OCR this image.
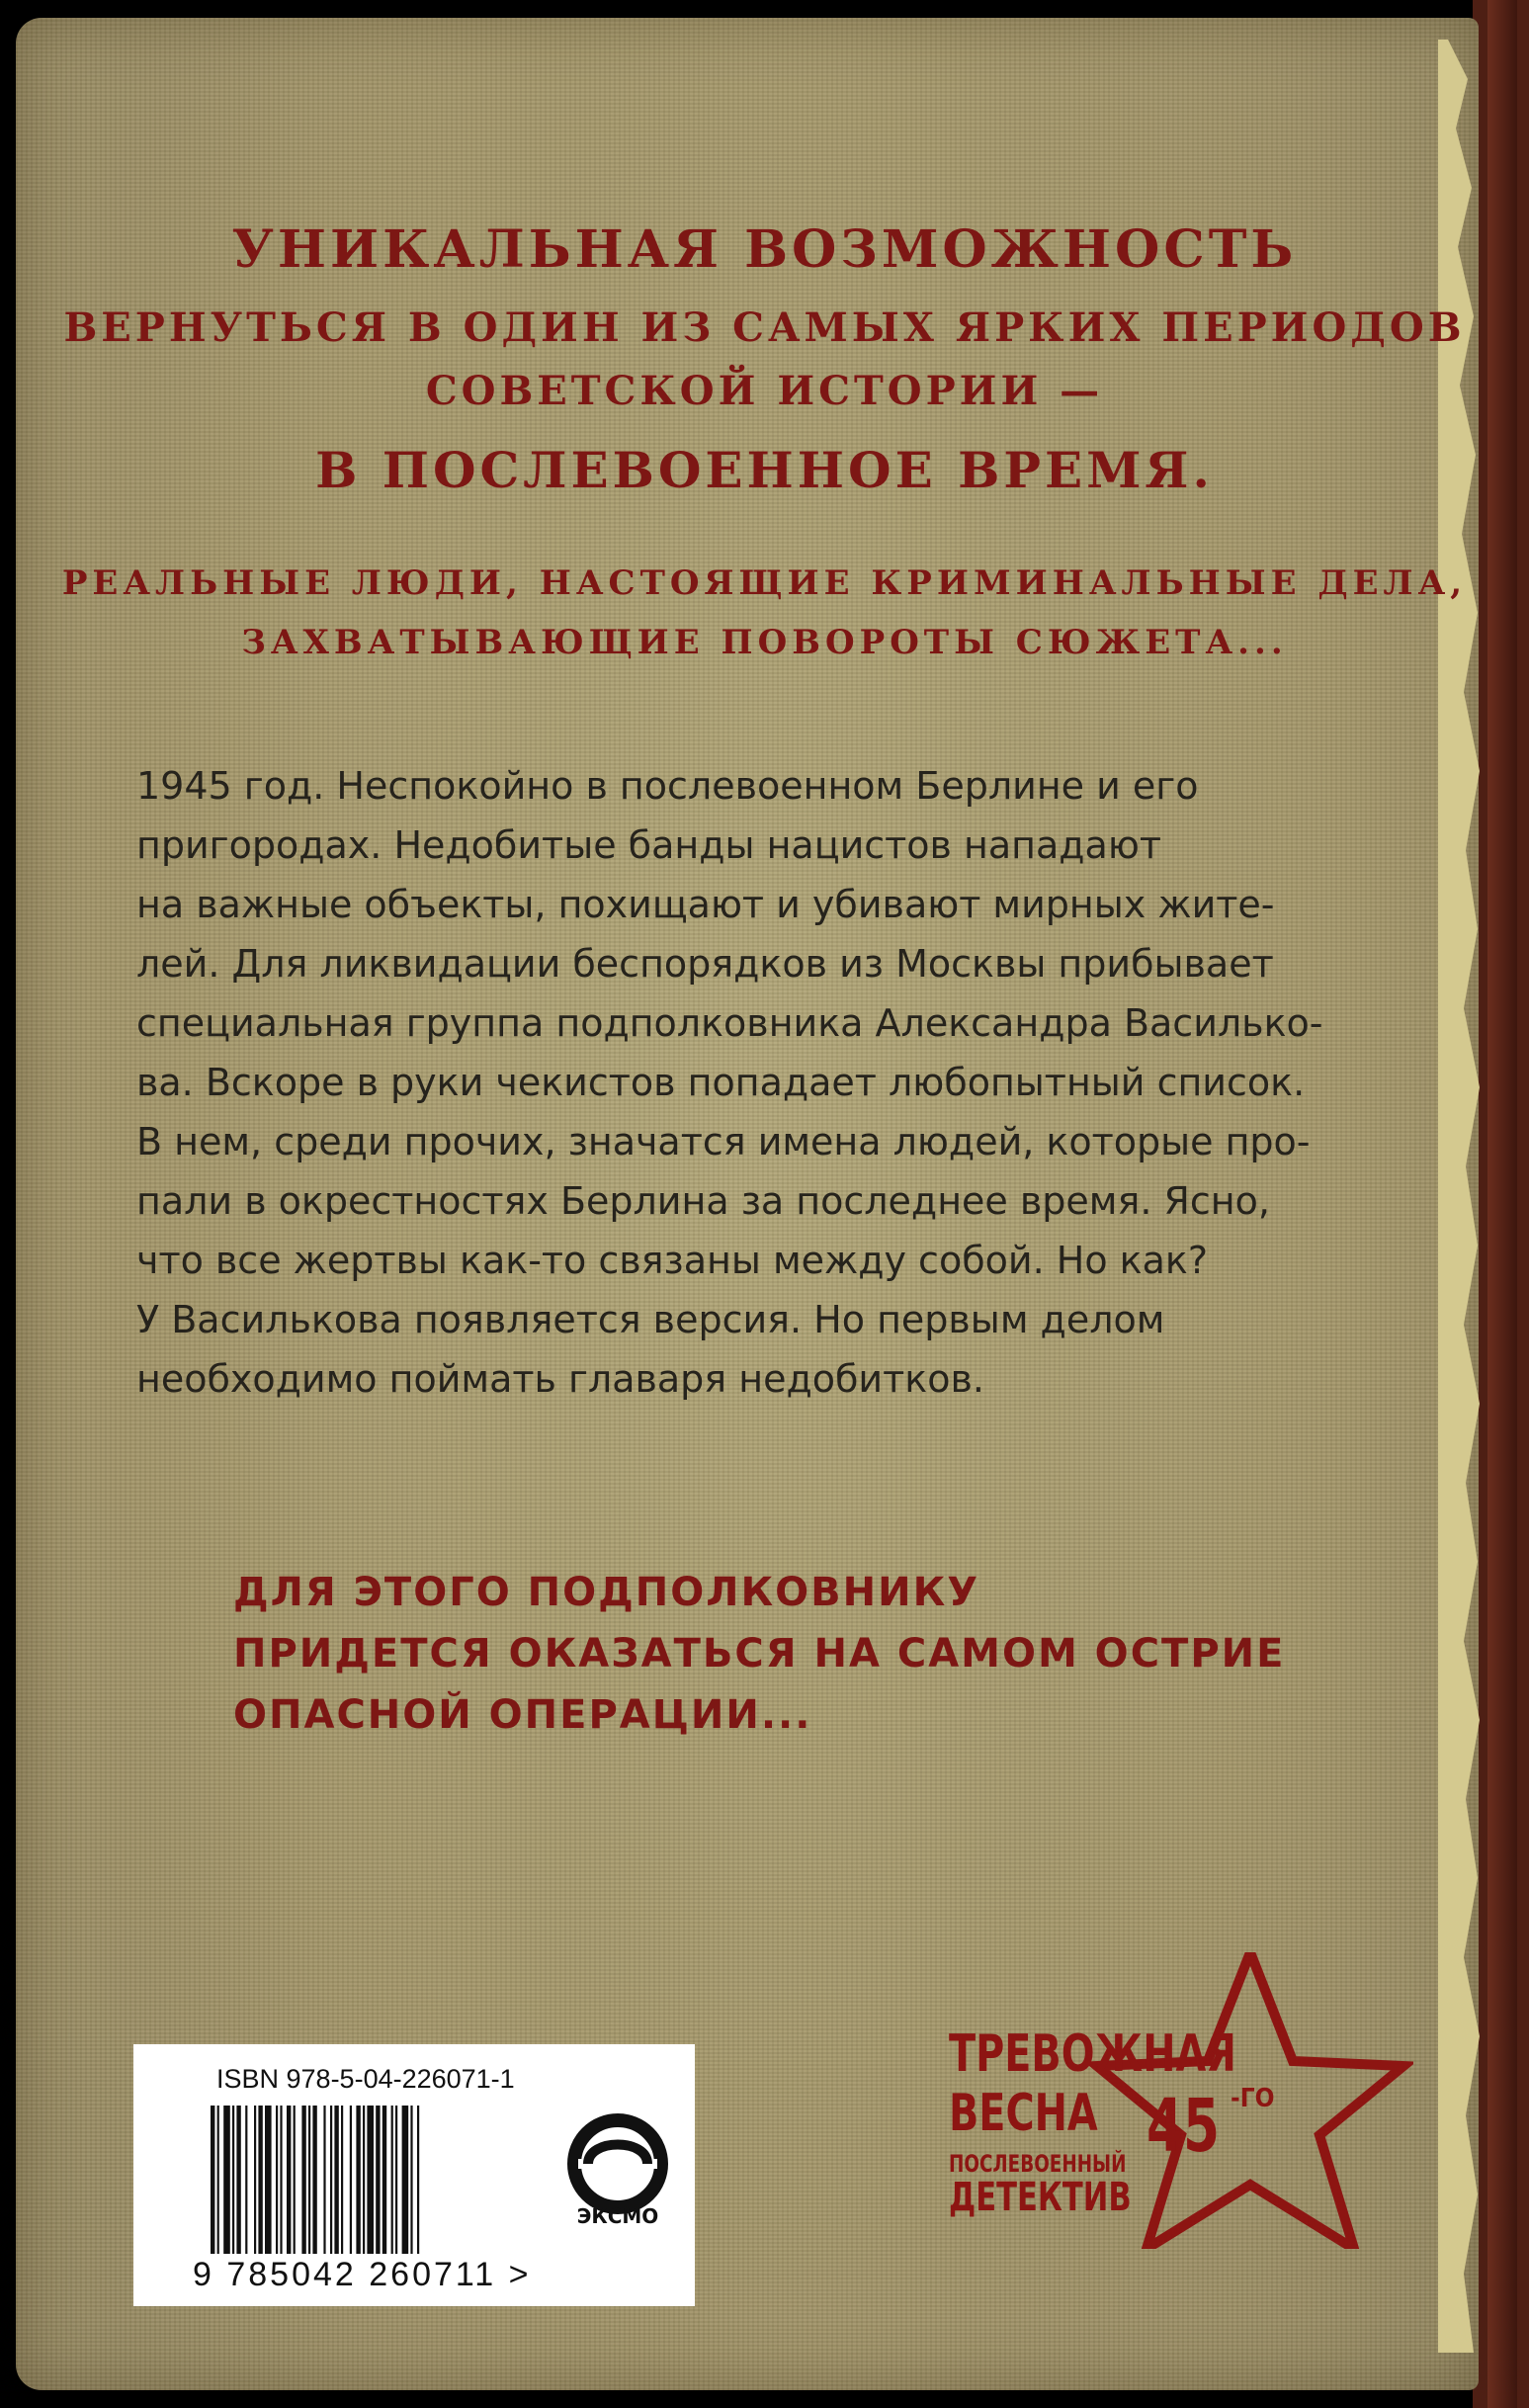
УНИКАЛЬНАЯ ВОЗМОЖНОСТЬ
ВЕРНУТЬСЯ В ОДИН ИЗ САМЫХ ЯРКИХ ПЕРИОДОВ
СОВЕТСКОЙ ИСТОРИИ —
В ПОСЛЕВОЕННОЕ ВРЕМЯ.
РЕАЛЬНЫЕ ЛЮДИ, НАСТОЯЩИЕ КРИМИНАЛЬНЫЕ ДЕЛА,
ЗАХВАТЫВАЮЩИЕ ПОВОРОТЫ СЮЖЕТА...
1945 год. Неспокойно в послевоенном Берлине и его
пригородах. Недобитые банды нацистов нападают
на важные объекты, похищают и убивают мирных жите-
лей. Для ликвидации беспорядков из Москвы прибывает
специальная группа подполковника Александра Василько-
ва. Вскоре в руки чекистов попадает любопытный список.
В нем, среди прочих, значатся имена людей, которые про-
пали в окрестностях Берлина за последнее время. Ясно,
что все жертвы как-то связаны между собой. Но как?
У Василькова появляется версия. Но первым делом
необходимо поймать главаря недобитков.
ДЛЯ ЭТОГО ПОДПОЛКОВНИКУ
ПРИДЕТСЯ ОКАЗАТЬСЯ НА САМОМ ОСТРИЕ
ОПАСНОЙ ОПЕРАЦИИ...
ISBN 978-5-04-226071-1
9 785042 260711 >
ЭКСМО
ТРЕВОЖНАЯ
ВЕСНА 45 -ГО
ПОСЛЕВОЕННЫЙ
ДЕТЕКТИВ
